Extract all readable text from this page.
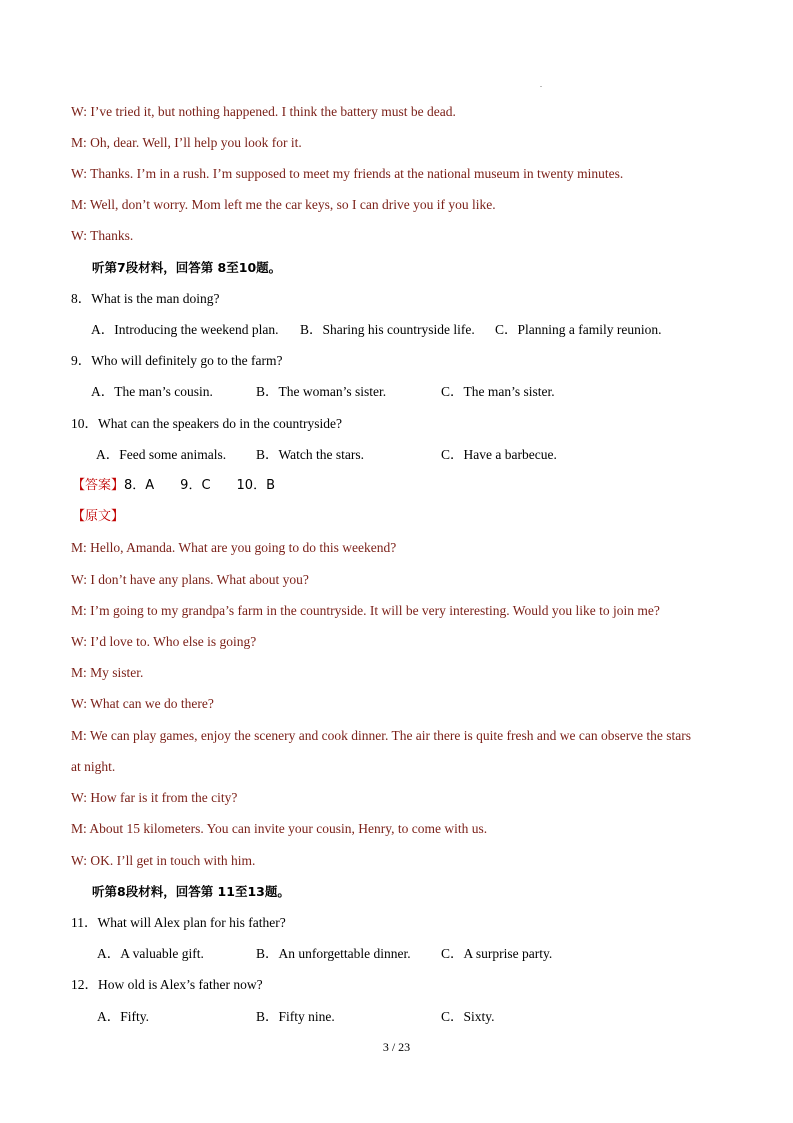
W: I’ve tried it, but nothing happened. I think the battery must be dead.
M: Oh, dear. Well, I’ll help you look for it.
W: Thanks. I’m in a rush. I’m supposed to meet my friends at the national museum in twenty minutes.
M: Well, don’t worry. Mom left me the car keys, so I can drive you if you like.
W: Thanks.
听第7段材料，回答第 8至10题。
8．What is the man doing?
A．Introducing the weekend plan. B．Sharing his countryside life. C．Planning a family reunion.
9．Who will definitely go to the farm?
A．The man’s cousin.	B．The woman’s sister.	C．The man’s sister.
10．What can the speakers do in the countryside?
A．Feed some animals. B．Watch the stars.	C．Have a barbecue.
【答案】8．A　　9．C　　10．B
【原文】
M: Hello, Amanda. What are you going to do this weekend?
W: I don’t have any plans. What about you?
M: I’m going to my grandpa’s farm in the countryside. It will be very interesting. Would you like to join me?
W: I’d love to. Who else is going?
M: My sister.
W: What can we do there?
M: We can play games, enjoy the scenery and cook dinner. The air there is quite fresh and we can observe the stars
at night.
W: How far is it from the city?
M: About 15 kilometers. You can invite your cousin, Henry, to come with us.
W: OK. I’ll get in touch with him.
听第8段材料，回答第 11至13题。
11．What will Alex plan for his father?
A．A valuable gift.	B．An unforgettable dinner. C．A surprise party.
12．How old is Alex’s father now?
A．Fifty.	B．Fifty nine.	C．Sixty.
3 / 23
